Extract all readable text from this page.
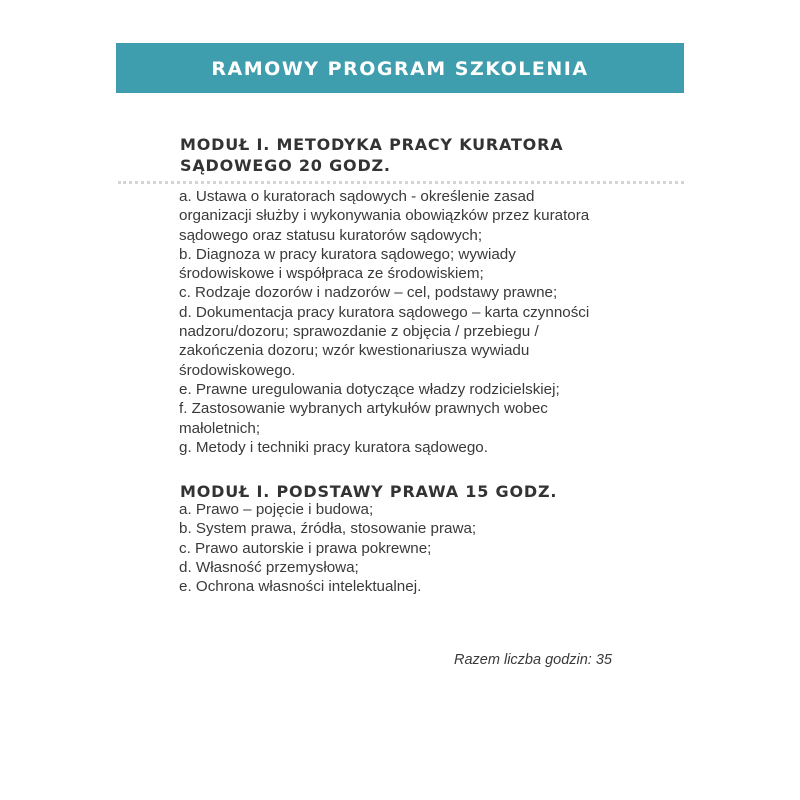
RAMOWY PROGRAM SZKOLENIA
MODUŁ I. METODYKA PRACY KURATORA
SĄDOWEGO 20 GODZ.
a. Ustawa o kuratorach sądowych - określenie zasad organizacji służby i wykonywania obowiązków przez kuratora sądowego oraz statusu kuratorów sądowych;
b. Diagnoza w pracy kuratora sądowego; wywiady środowiskowe i współpraca ze środowiskiem;
c. Rodzaje dozorów i nadzorów – cel, podstawy prawne;
d. Dokumentacja pracy kuratora sądowego – karta czynności nadzoru/dozoru; sprawozdanie z objęcia / przebiegu / zakończenia dozoru; wzór kwestionariusza wywiadu środowiskowego.
e. Prawne uregulowania dotyczące władzy rodzicielskiej;
f. Zastosowanie wybranych artykułów prawnych wobec małoletnich;
g. Metody i techniki pracy kuratora sądowego.
MODUŁ I. PODSTAWY PRAWA 15 GODZ.
a. Prawo – pojęcie i budowa;
b. System prawa, źródła, stosowanie prawa;
c. Prawo autorskie i prawa pokrewne;
d. Własność przemysłowa;
e. Ochrona własności intelektualnej.
Razem liczba godzin: 35
